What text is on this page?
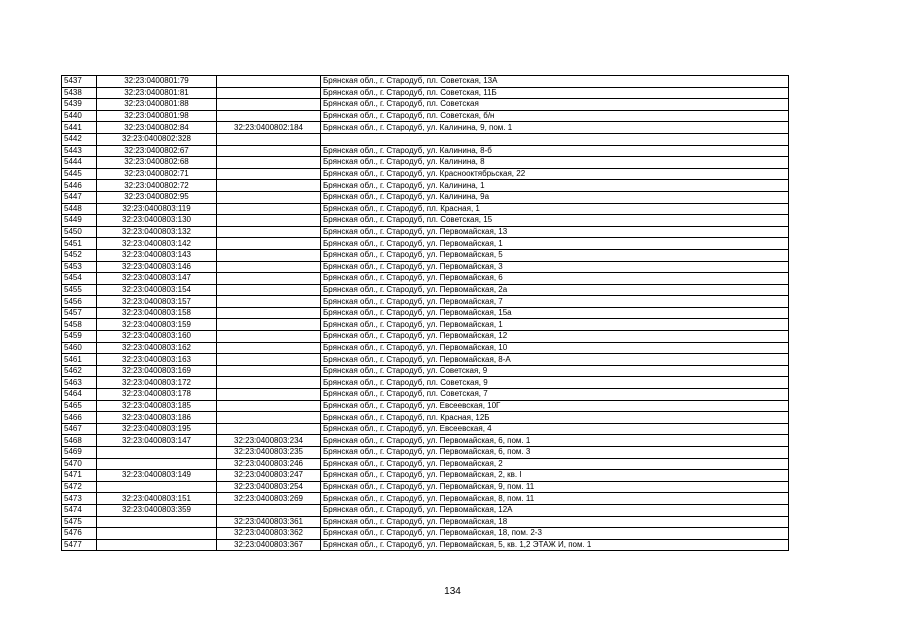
5437	32:23:0400801:79		Брянская обл., г. Стародуб, пл. Советская, 13А
5438	32:23:0400801:81		Брянская обл., г. Стародуб, пл. Советская, 11Б
5439	32:23:0400801:88		Брянская обл., г. Стародуб, пл. Советская
5440	32:23:0400801:98		Брянская обл., г. Стародуб, пл. Советская, б/н
5441	32:23:0400802:84	32:23:0400802:184	Брянская обл., г. Стародуб, ул. Калинина, 9, пом. 1
5442	32:23:0400802:328		
5443	32:23:0400802:67		Брянская обл., г. Стародуб, ул. Калинина, 8-б
5444	32:23:0400802:68		Брянская обл., г. Стародуб, ул. Калинина, 8
5445	32:23:0400802:71		Брянская обл., г. Стародуб, ул. Краснооктябрьская, 22
5446	32:23:0400802:72		Брянская обл., г. Стародуб, ул. Калинина, 1
5447	32:23:0400802:95		Брянская обл., г. Стародуб, ул. Калинина, 9а
5448	32:23:0400803:119		Брянская обл., г. Стародуб, пл. Красная, 1
5449	32:23:0400803:130		Брянская обл., г. Стародуб, пл. Советская, 15
5450	32:23:0400803:132		Брянская обл., г. Стародуб, ул. Первомайская, 13
5451	32:23:0400803:142		Брянская обл., г. Стародуб, ул. Первомайская, 1
5452	32:23:0400803:143		Брянская обл., г. Стародуб, ул. Первомайская, 5
5453	32:23:0400803:146		Брянская обл., г. Стародуб, ул. Первомайская, 3
5454	32:23:0400803:147		Брянская обл., г. Стародуб, ул. Первомайская, 6
5455	32:23:0400803:154		Брянская обл., г. Стародуб, ул. Первомайская, 2а
5456	32:23:0400803:157		Брянская обл., г. Стародуб, ул. Первомайская, 7
5457	32:23:0400803:158		Брянская обл., г. Стародуб, ул. Первомайская, 15а
5458	32:23:0400803:159		Брянская обл., г. Стародуб, ул. Первомайская, 1
5459	32:23:0400803:160		Брянская обл., г. Стародуб, ул. Первомайская, 12
5460	32:23:0400803:162		Брянская обл., г. Стародуб, ул. Первомайская, 10
5461	32:23:0400803:163		Брянская обл., г. Стародуб, ул. Первомайская, 8-А
5462	32:23:0400803:169		Брянская обл., г. Стародуб, ул. Советская, 9
5463	32:23:0400803:172		Брянская обл., г. Стародуб, пл. Советская, 9
5464	32:23:0400803:178		Брянская обл., г. Стародуб, пл. Советская, 7
5465	32:23:0400803:185		Брянская обл., г. Стародуб, ул. Евсеевская, 10Г
5466	32:23:0400803:186		Брянская обл., г. Стародуб, пл. Красная, 12Б
5467	32:23:0400803:195		Брянская обл., г. Стародуб, ул. Евсеевская, 4
5468	32:23:0400803:147	32:23:0400803:234	Брянская обл., г. Стародуб, ул. Первомайская, 6, пом. 1
5469		32:23:0400803:235	Брянская обл., г. Стародуб, ул. Первомайская, 6, пом. 3
5470		32:23:0400803:246	Брянская обл., г. Стародуб, ул. Первомайская, 2
5471	32:23:0400803:149	32:23:0400803:247	Брянская обл., г. Стародуб, ул. Первомайская, 2, кв. I
5472		32:23:0400803:254	Брянская обл., г. Стародуб, ул. Первомайская, 9, пом. 11
5473	32:23:0400803:151	32:23:0400803:269	Брянская обл., г. Стародуб, ул. Первомайская, 8, пом. 11
5474	32:23:0400803:359		Брянская обл., г. Стародуб, ул. Первомайская, 12А
5475		32:23:0400803:361	Брянская обл., г. Стародуб, ул. Первомайская, 18
5476		32:23:0400803:362	Брянская обл., г. Стародуб, ул. Первомайская, 18, пом. 2-3
5477		32:23:0400803:367	Брянская обл., г. Стародуб, ул. Первомайская, 5, кв. 1,2 ЭТАЖ И, пом. 1
134
